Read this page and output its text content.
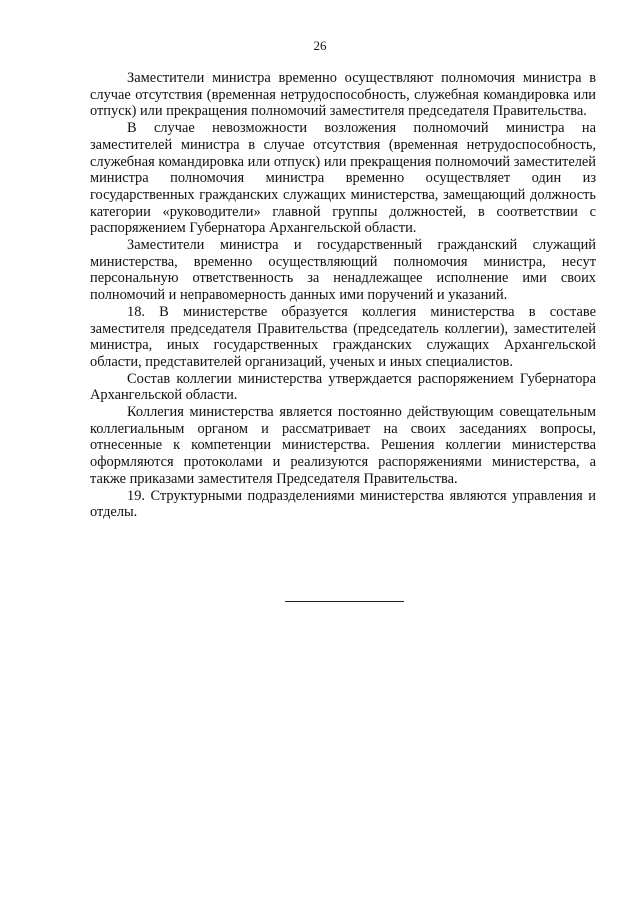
26

Заместители министра временно осуществляют полномочия министра в случае отсутствия (временная нетрудоспособность, служебная командировка или отпуск) или прекращения полномочий заместителя председателя Правительства.

В случае невозможности возложения полномочий министра на заместителей министра в случае отсутствия (временная нетрудоспособность, служебная командировка или отпуск) или прекращения полномочий заместителей министра полномочия министра временно осуществляет один из государственных гражданских служащих министерства, замещающий должность категории «руководители» главной группы должностей, в соответствии с распоряжением Губернатора Архангельской области.

Заместители министра и государственный гражданский служащий министерства, временно осуществляющий полномочия министра, несут персональную ответственность за ненадлежащее исполнение ими своих полномочий и неправомерность данных ими поручений и указаний.

18. В министерстве образуется коллегия министерства в составе заместителя председателя Правительства (председатель коллегии), заместителей министра, иных государственных гражданских служащих Архангельской области, представителей организаций, ученых и иных специалистов.

Состав коллегии министерства утверждается распоряжением Губернатора Архангельской области.

Коллегия министерства является постоянно действующим совещательным коллегиальным органом и рассматривает на своих заседаниях вопросы, отнесенные к компетенции министерства. Решения коллегии министерства оформляются протоколами и реализуются распоряжениями министерства, а также приказами заместителя Председателя Правительства.

19. Структурными подразделениями министерства являются управления и отделы.
